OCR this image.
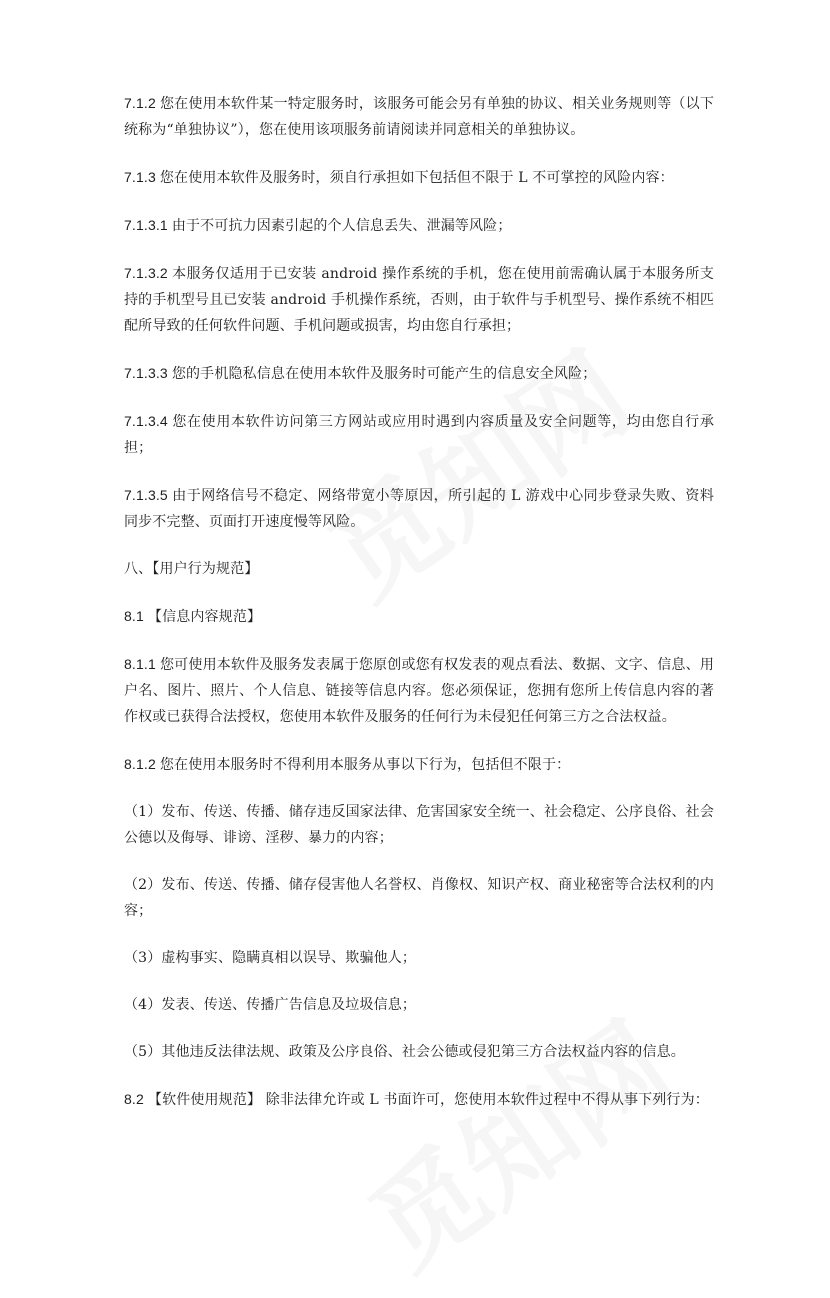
7.1.2 您在使用本软件某一特定服务时，该服务可能会另有单独的协议、相关业务规则等（以下统称为“单独协议”），您在使用该项服务前请阅读并同意相关的单独协议。

7.1.3 您在使用本软件及服务时，须自行承担如下包括但不限于 L 不可掌控的风险内容：

7.1.3.1 由于不可抗力因素引起的个人信息丢失、泄漏等风险；

7.1.3.2 本服务仅适用于已安装 android 操作系统的手机，您在使用前需确认属于本服务所支持的手机型号且已安装 android 手机操作系统，否则，由于软件与手机型号、操作系统不相匹配所导致的任何软件问题、手机问题或损害，均由您自行承担；

7.1.3.3 您的手机隐私信息在使用本软件及服务时可能产生的信息安全风险；

7.1.3.4 您在使用本软件访问第三方网站或应用时遇到内容质量及安全问题等，均由您自行承担；

7.1.3.5 由于网络信号不稳定、网络带宽小等原因，所引起的 L 游戏中心同步登录失败、资料同步不完整、页面打开速度慢等风险。

八、【用户行为规范】

8.1 【信息内容规范】

8.1.1 您可使用本软件及服务发表属于您原创或您有权发表的观点看法、数据、文字、信息、用户名、图片、照片、个人信息、链接等信息内容。您必须保证，您拥有您所上传信息内容的著作权或已获得合法授权，您使用本软件及服务的任何行为未侵犯任何第三方之合法权益。

8.1.2 您在使用本服务时不得利用本服务从事以下行为，包括但不限于：

（1）发布、传送、传播、储存违反国家法律、危害国家安全统一、社会稳定、公序良俗、社会公德以及侮辱、诽谤、淫秽、暴力的内容；

（2）发布、传送、传播、储存侵害他人名誉权、肖像权、知识产权、商业秘密等合法权利的内容；

（3）虚构事实、隐瞒真相以误导、欺骗他人；

（4）发表、传送、传播广告信息及垃圾信息；

（5）其他违反法律法规、政策及公序良俗、社会公德或侵犯第三方合法权益内容的信息。

8.2 【软件使用规范】 除非法律允许或 L 书面许可，您使用本软件过程中不得从事下列行为：
